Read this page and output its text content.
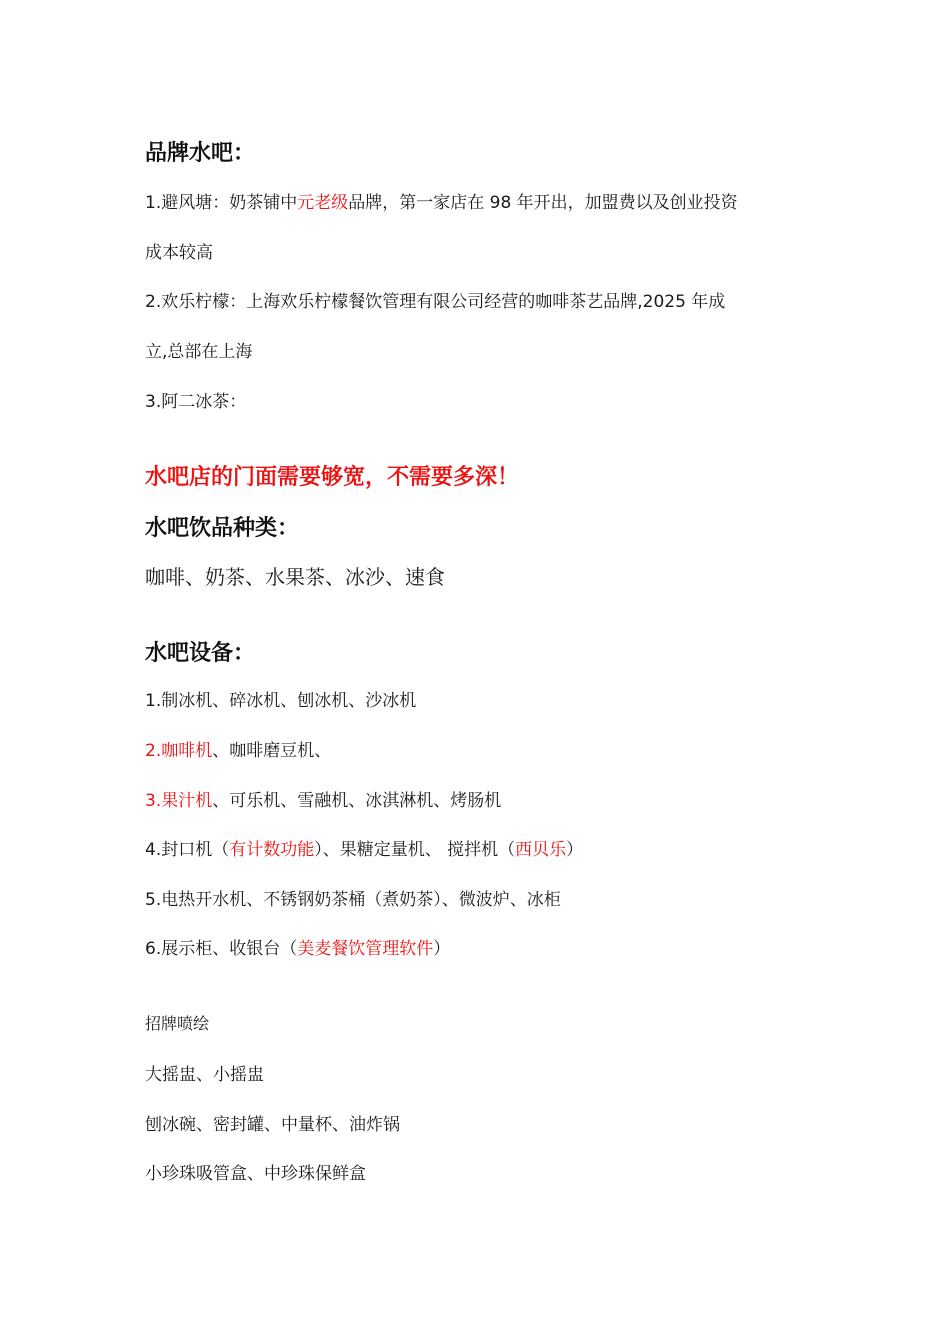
品牌水吧：
1.避风塘：奶茶铺中元老级品牌，第一家店在 98 年开出，加盟费以及创业投资
成本较高
2.欢乐柠檬：上海欢乐柠檬餐饮管理有限公司经营的咖啡茶艺品牌,2025 年成
立,总部在上海
3.阿二冰茶：
水吧店的门面需要够宽，不需要多深！
水吧饮品种类：
咖啡、奶茶、水果茶、冰沙、速食
水吧设备：
1.制冰机、碎冰机、刨冰机、沙冰机
2.咖啡机、咖啡磨豆机、
3.果汁机、可乐机、雪融机、冰淇淋机、烤肠机
4.封口机（有计数功能）、果糖定量机、 搅拌机（西贝乐）
5.电热开水机、不锈钢奶茶桶（煮奶茶）、微波炉、冰柜
6.展示柜、收银台（美麦餐饮管理软件）
招牌喷绘
大摇盅、小摇盅
刨冰碗、密封罐、中量杯、油炸锅
小珍珠吸管盒、中珍珠保鲜盒
